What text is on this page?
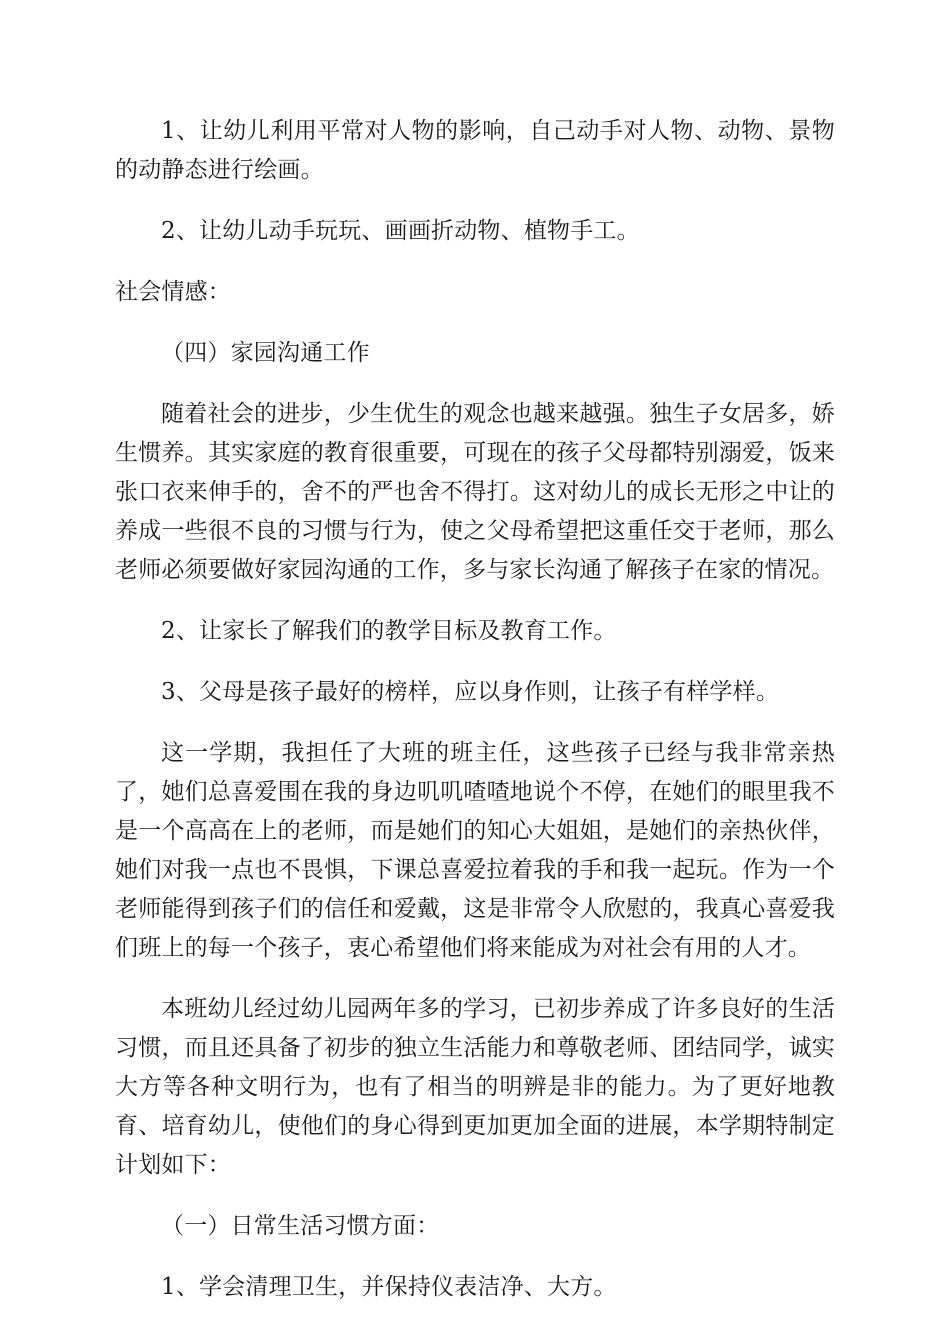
1、让幼儿利用平常对人物的影响，自己动手对人物、动物、景物的动静态进行绘画。

2、让幼儿动手玩玩、画画折动物、植物手工。

社会情感：

（四）家园沟通工作

随着社会的进步，少生优生的观念也越来越强。独生子女居多，娇生惯养。其实家庭的教育很重要，可现在的孩子父母都特别溺爱，饭来张口衣来伸手的，舍不的严也舍不得打。这对幼儿的成长无形之中让的养成一些很不良的习惯与行为，使之父母希望把这重任交于老师，那么老师必须要做好家园沟通的工作，多与家长沟通了解孩子在家的情况。

2、让家长了解我们的教学目标及教育工作。

3、父母是孩子最好的榜样，应以身作则，让孩子有样学样。

这一学期，我担任了大班的班主任，这些孩子已经与我非常亲热了，她们总喜爱围在我的身边叽叽喳喳地说个不停，在她们的眼里我不是一个高高在上的老师，而是她们的知心大姐姐，是她们的亲热伙伴，她们对我一点也不畏惧，下课总喜爱拉着我的手和我一起玩。作为一个老师能得到孩子们的信任和爱戴，这是非常令人欣慰的，我真心喜爱我们班上的每一个孩子，衷心希望他们将来能成为对社会有用的人才。

本班幼儿经过幼儿园两年多的学习，已初步养成了许多良好的生活习惯，而且还具备了初步的独立生活能力和尊敬老师、团结同学，诚实大方等各种文明行为，也有了相当的明辨是非的能力。为了更好地教育、培育幼儿，使他们的身心得到更加更加全面的进展，本学期特制定计划如下：

（一）日常生活习惯方面：

1、学会清理卫生，并保持仪表洁净、大方。
